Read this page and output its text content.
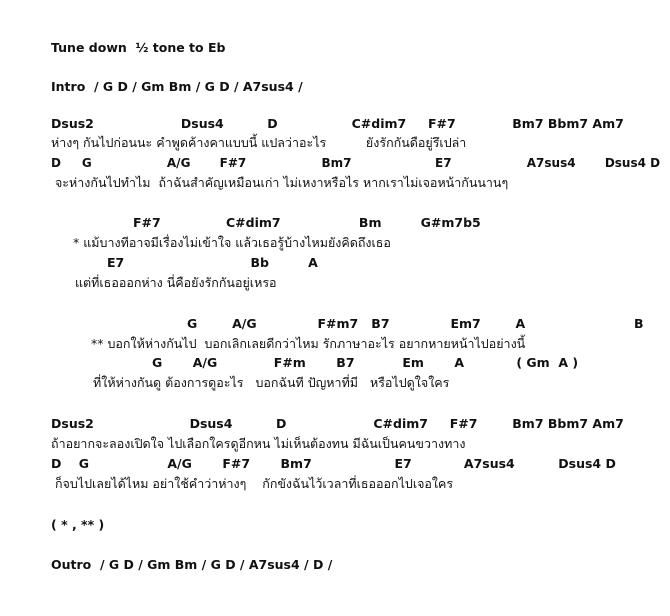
Tune down  ½ tone to Eb
Intro  / G D / Gm Bm / G D / A7sus4 /
Dsus2                    Dsus4          D                 C#dim7     F#7             Bm7 Bbm7 Am7
ห่างๆ กันไปก่อนนะ คำพูดค้างคาแบบนี้ แปลว่าอะไร          ยังรักกันดือยู่รึเปล่า
D     G                  A/G       F#7                  Bm7                    E7                  A7sus4       Dsus4 D
จะห่างกันไปทำไม  ถ้าฉันสำคัญเหมือนเก่า ไม่เหงาหรือไร หากเราไม่เจอหน้ากันนานๆ
F#7               C#dim7                  Bm         G#m7b5
* แม้บางทีอาจมีเรื่องไม่เข้าใจ แล้วเธอรู้บ้างไหมยังคิดถึงเธอ
E7                             Bb         A
แต่ที่เธอออกห่าง นี่คือยังรักกันอยู่เหรอ
G        A/G              F#m7   B7              Em7        A                         B
** บอกให้ห่างกันไป  บอกเลิกเลยดีกว่าไหม รักภาษาอะไร อยากหายหน้าไปอย่างนี้
G       A/G             F#m       B7           Em       A            ( Gm  A )
ที่ให้ห่างกันดู ต้องการดูอะไร   บอกฉันที ปัญหาที่มี   หรือไปดูใจใคร
Dsus2                      Dsus4          D                    C#dim7     F#7        Bm7 Bbm7 Am7
ถ้าอยากจะลองเปิดใจ ไปเลือกใครดูอีกหน ไม่เห็นต้องทน มีฉันเป็นคนขวางทาง
D    G                  A/G       F#7       Bm7                   E7            A7sus4          Dsus4 D
ก็จบไปเลยได้ไหม อย่าใช้คำว่าห่างๆ    กักขังฉันไว้เวลาที่เธอออกไปเจอใคร
( * , ** )
Outro  / G D / Gm Bm / G D / A7sus4 / D /
